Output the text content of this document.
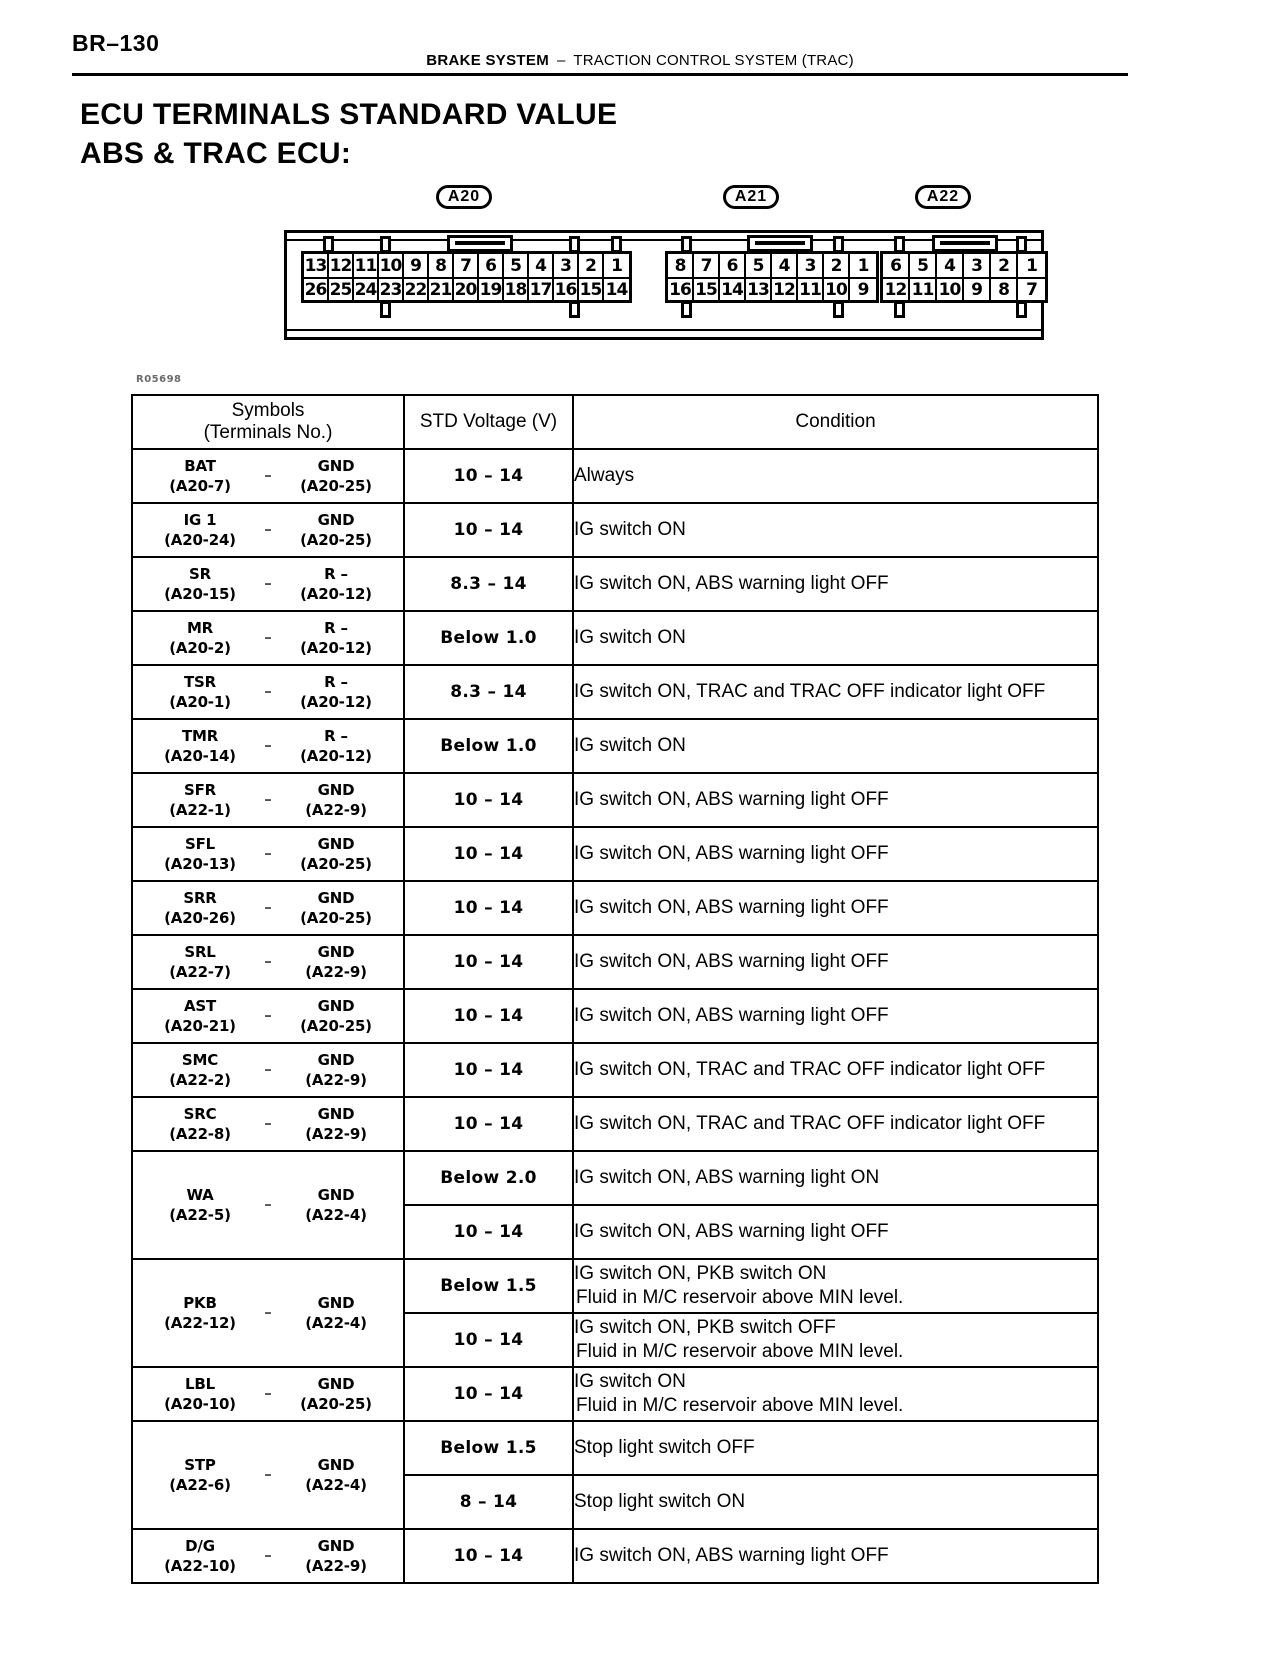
BR–130
BRAKE SYSTEM – TRACTION CONTROL SYSTEM (TRAC)
ECU TERMINALS STANDARD VALUE
ABS & TRAC ECU:
A20	A21	A22
13 12 11 10 9 8 7 6 5 4 3 2 1
26 25 24 23 22 21 20 19 18 17 16 15 14
8 7 6 5 4 3 2 1
16 15 14 13 12 11 10 9
6 5 4 3 2	1
12 11 10 9 8	7
R05698
Symbols
(Terminals No.)	STD Voltage (V)	Condition

BAT
(A20-7)
–
GND
(A20-25)	10 – 14	Always

IG 1
(A20-24)
–
GND
(A20-25)	10 – 14	IG switch ON

SR
(A20-15)
–
R –
(A20-12)	8.3 – 14	IG switch ON, ABS warning light OFF

MR
(A20-2)
–
R –
(A20-12)	Below 1.0	IG switch ON

TSR
(A20-1)
–
R –
(A20-12)	8.3 – 14	IG switch ON, TRAC and TRAC OFF indicator light OFF

TMR
(A20-14)
–
R –
(A20-12)	Below 1.0	IG switch ON

SFR
(A22-1)
–
GND
(A22-9)	10 – 14	IG switch ON, ABS warning light OFF

SFL
(A20-13)
–
GND
(A20-25)	10 – 14	IG switch ON, ABS warning light OFF

SRR
(A20-26)
–
GND
(A20-25)	10 – 14	IG switch ON, ABS warning light OFF

SRL
(A22-7)
–
GND
(A22-9)	10 – 14	IG switch ON, ABS warning light OFF

AST
(A20-21)
–
GND
(A20-25)	10 – 14	IG switch ON, ABS warning light OFF

SMC
(A22-2)
–
GND
(A22-9)	10 – 14	IG switch ON, TRAC and TRAC OFF indicator light OFF

SRC
(A22-8)
–
GND
(A22-9)	10 – 14	IG switch ON, TRAC and TRAC OFF indicator light OFF

WA
(A22-5)
–
GND
(A22-4)	Below 2.0	IG switch ON, ABS warning light ON
	10 – 14	IG switch ON, ABS warning light OFF

PKB
(A22-12)
–
GND
(A22-4)
	Below 1.5	IG switch ON, PKB switch ON
Fluid in M/C reservoir above MIN level.

	10 – 14	IG switch ON, PKB switch OFF
Fluid in M/C reservoir above MIN level.

LBL
(A20-10)
–
GND
(A20-25)	10 – 14	IG switch ON
Fluid in M/C reservoir above MIN level.

STP
(A22-6)
–
GND
(A22-4)	Below 1.5	Stop light switch OFF
	8 – 14	Stop light switch ON

D/G
(A22-10)
–
GND
(A22-9)	10 – 14	IG switch ON, ABS warning light OFF
